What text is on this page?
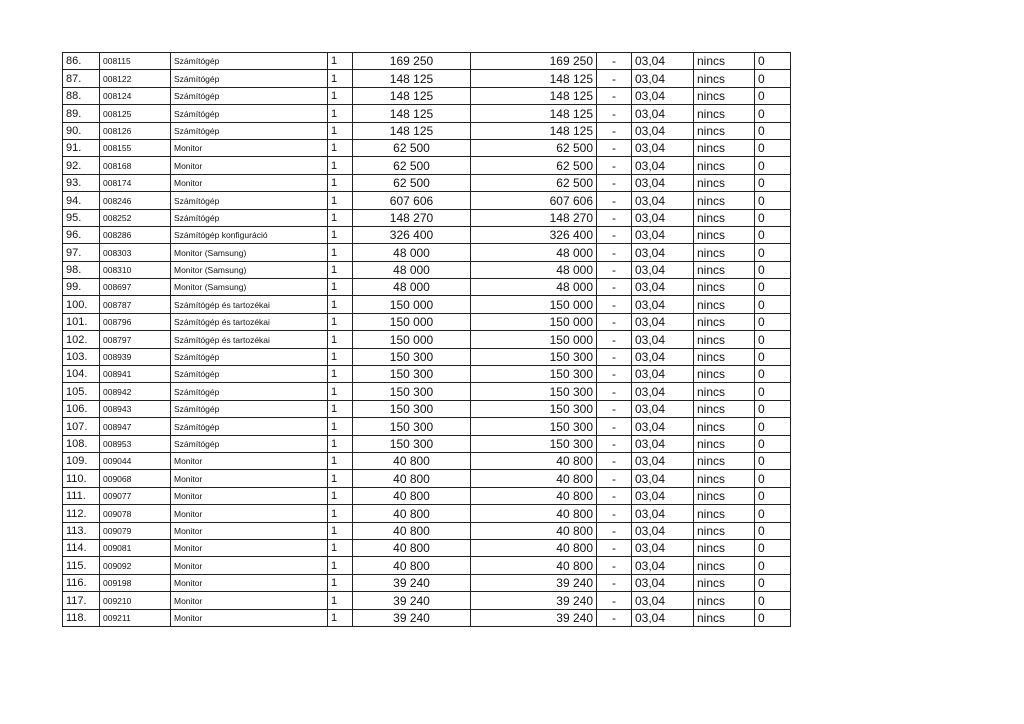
86.	008115	Számítógép	1	169 250	169 250	-	03,04	nincs	0
87.	008122	Számítógép	1	148 125	148 125	-	03,04	nincs	0
88.	008124	Számítógép	1	148 125	148 125	-	03,04	nincs	0
89.	008125	Számítógép	1	148 125	148 125	-	03,04	nincs	0
90.	008126	Számítógép	1	148 125	148 125	-	03,04	nincs	0
91.	008155	Monitor	1	62 500	62 500	-	03,04	nincs	0
92.	008168	Monitor	1	62 500	62 500	-	03,04	nincs	0
93.	008174	Monitor	1	62 500	62 500	-	03,04	nincs	0
94.	008246	Számítógép	1	607 606	607 606	-	03,04	nincs	0
95.	008252	Számítógép	1	148 270	148 270	-	03,04	nincs	0
96.	008286	Számítógép konfiguráció	1	326 400	326 400	-	03,04	nincs	0
97.	008303	Monitor (Samsung)	1	48 000	48 000	-	03,04	nincs	0
98.	008310	Monitor (Samsung)	1	48 000	48 000	-	03,04	nincs	0
99.	008697	Monitor (Samsung)	1	48 000	48 000	-	03,04	nincs	0
100.	008787	Számítógép és tartozékai	1	150 000	150 000	-	03,04	nincs	0
101.	008796	Számítógép és tartozékai	1	150 000	150 000	-	03,04	nincs	0
102.	008797	Számítógép és tartozékai	1	150 000	150 000	-	03,04	nincs	0
103.	008939	Számítógép	1	150 300	150 300	-	03,04	nincs	0
104.	008941	Számítógép	1	150 300	150 300	-	03,04	nincs	0
105.	008942	Számítógép	1	150 300	150 300	-	03,04	nincs	0
106.	008943	Számítógép	1	150 300	150 300	-	03,04	nincs	0
107.	008947	Számítógép	1	150 300	150 300	-	03,04	nincs	0
108.	008953	Számítógép	1	150 300	150 300	-	03,04	nincs	0
109.	009044	Monitor	1	40 800	40 800	-	03,04	nincs	0
110.	009068	Monitor	1	40 800	40 800	-	03,04	nincs	0
111.	009077	Monitor	1	40 800	40 800	-	03,04	nincs	0
112.	009078	Monitor	1	40 800	40 800	-	03,04	nincs	0
113.	009079	Monitor	1	40 800	40 800	-	03,04	nincs	0
114.	009081	Monitor	1	40 800	40 800	-	03,04	nincs	0
115.	009092	Monitor	1	40 800	40 800	-	03,04	nincs	0
116.	009198	Monitor	1	39 240	39 240	-	03,04	nincs	0
117.	009210	Monitor	1	39 240	39 240	-	03,04	nincs	0
118.	009211	Monitor	1	39 240	39 240	-	03,04	nincs	0
